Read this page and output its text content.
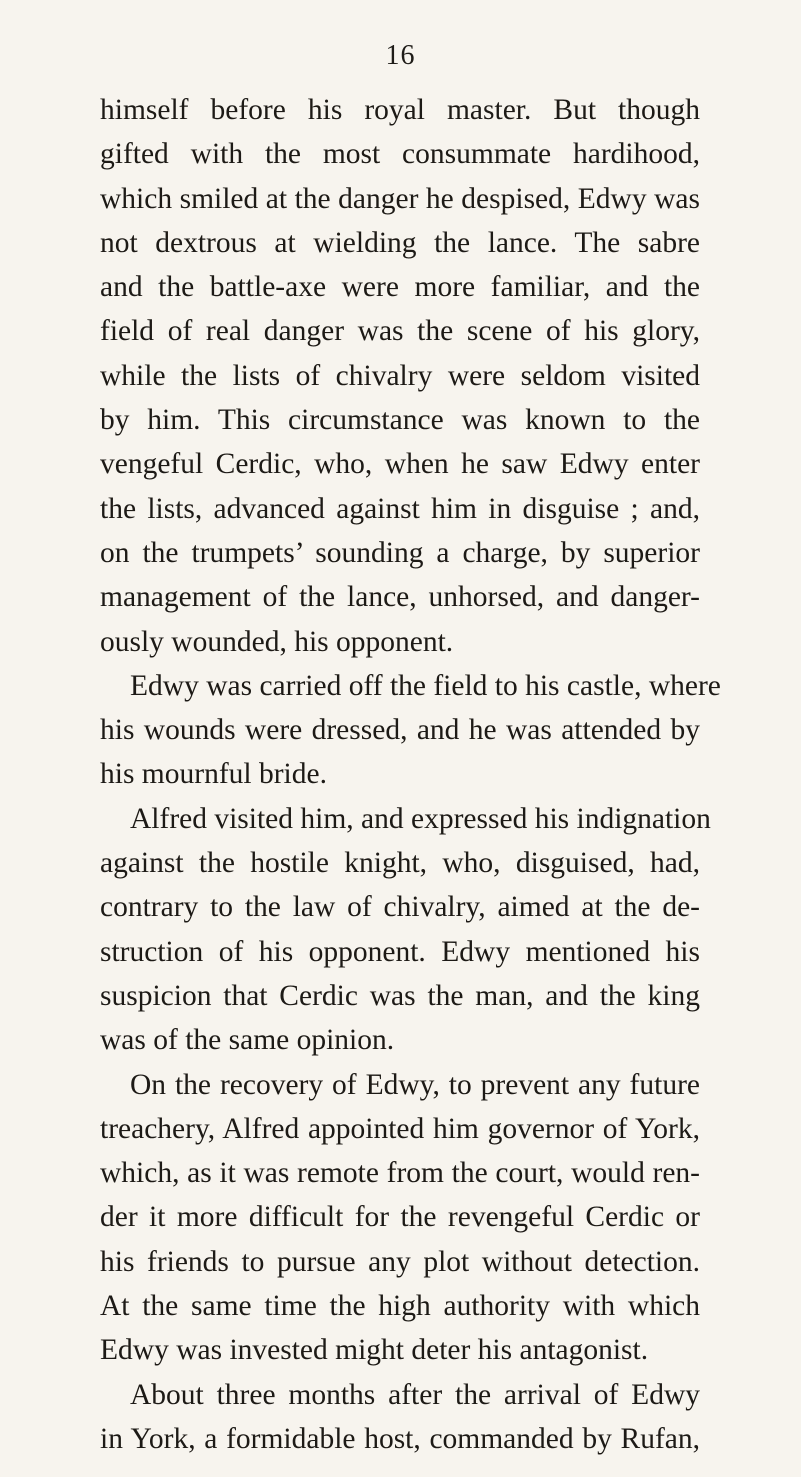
16
himself before his royal master. But though
gifted with the most consummate hardihood,
which smiled at the danger he despised, Edwy was
not dextrous at wielding the lance. The sabre
and the battle-axe were more familiar, and the
field of real danger was the scene of his glory,
while the lists of chivalry were seldom visited
by him. This circumstance was known to the
vengeful Cerdic, who, when he saw Edwy enter
the lists, advanced against him in disguise ; and,
on the trumpets’ sounding a charge, by superior
management of the lance, unhorsed, and danger-
ously wounded, his opponent.
Edwy was carried off the field to his castle, where
his wounds were dressed, and he was attended by
his mournful bride.
Alfred visited him, and expressed his indignation
against the hostile knight, who, disguised, had,
contrary to the law of chivalry, aimed at the de-
struction of his opponent. Edwy mentioned his
suspicion that Cerdic was the man, and the king
was of the same opinion.
On the recovery of Edwy, to prevent any future
treachery, Alfred appointed him governor of York,
which, as it was remote from the court, would ren-
der it more difficult for the revengeful Cerdic or
his friends to pursue any plot without detection.
At the same time the high authority with which
Edwy was invested might deter his antagonist.
About three months after the arrival of Edwy
in York, a formidable host, commanded by Rufan,
